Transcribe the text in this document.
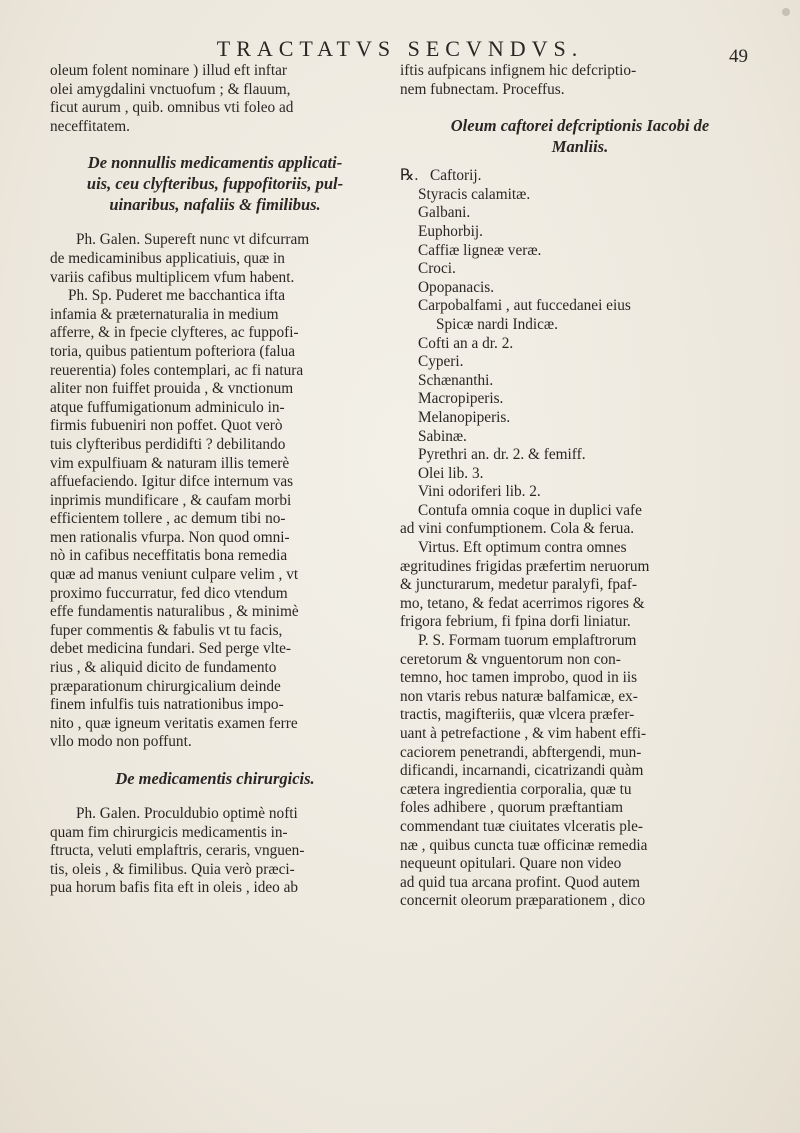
TRACTATVS SECVNDVS.	49
oleum folent nominare ) illud eft inftar
olei amygdalini vnctuofum ; & flauum,
ficut aurum , quib. omnibus vti foleo ad
neceffitatem.
De nonnullis medicamentis applicati-
uis, ceu clyfteribus, fuppofitoriis, pul-
uinaribus, nafaliis & fimilibus.
Ph. Galen. Supereft nunc vt difcurram
de medicaminibus applicatiuis, quæ in
variis cafibus multiplicem vfum habent.
Ph. Sp. Puderet me bacchantica ifta
infamia & præternaturalia in medium
afferre, & in fpecie clyfteres, ac fuppofi-
toria, quibus patientum pofteriora (falua
reuerentia) foles contemplari, ac fi natura
aliter non fuiffet prouida , & vnctionum
atque fuffumigationum adminiculo in-
firmis fubueniri non poffet. Quot verò
tuis clyfteribus perdidifti ? debilitando
vim expulfiuam & naturam illis temerè
affuefaciendo. Igitur difce internum vas
inprimis mundificare , & caufam morbi
efficientem tollere , ac demum tibi no-
men rationalis vfurpa. Non quod omni-
nò in cafibus neceffitatis bona remedia
quæ ad manus veniunt culpare velim , vt
proximo fuccurratur, fed dico vtendum
effe fundamentis naturalibus , & minimè
fuper commentis & fabulis vt tu facis,
debet medicina fundari. Sed perge vlte-
rius , & aliquid dicito de fundamento
præparationum chirurgicalium deinde
finem infulfis tuis natrationibus impo-
nito , quæ igneum veritatis examen ferre
vllo modo non poffunt.
De medicamentis chirurgicis.
Ph. Galen. Proculdubio optimè nofti
quam fim chirurgicis medicamentis in-
ftructa, veluti emplaftris, ceraris, vnguen-
tis, oleis , & fimilibus. Quia verò præci-
pua horum bafis fita eft in oleis , ideo ab
iftis aufpicans infignem hic defcriptio-
nem fubnectam. Proceffus.
Oleum caftorei defcriptionis Iacobi de
Manliis.
℞. Caftorij.
Styracis calamitæ.
Galbani.
Euphorbij.
Caffiæ ligneæ veræ.
Croci.
Opopanacis.
Carpobalfami , aut fuccedanei eius
Spicæ nardi Indicæ.
Cofti an a dr. 2.
Cyperi.
Schænanthi.
Macropiperis.
Melanopiperis.
Sabinæ.
Pyrethri an. dr. 2. & femiff.
Olei lib. 3.
Vini odoriferi lib. 2.
Contufa omnia coque in duplici vafe
ad vini confumptionem. Cola & ferua.
Virtus. Eft optimum contra omnes
ægritudines frigidas præfertim neruorum
& juncturarum, medetur paralyfi, fpaf-
mo, tetano, & fedat acerrimos rigores &
frigora febrium, fi fpina dorfi liniatur.
P. S. Formam tuorum emplaftrorum
ceretorum & vnguentorum non con-
temno, hoc tamen improbo, quod in iis
non vtaris rebus naturæ balfamicæ, ex-
tractis, magifteriis, quæ vlcera præfer-
uant à petrefactione , & vim habent effi-
caciorem penetrandi, abftergendi, mun-
dificandi, incarnandi, cicatrizandi quàm
cætera ingredientia corporalia, quæ tu
foles adhibere , quorum præftantiam
commendant tuæ ciuitates vlceratis ple-
næ , quibus cuncta tuæ officinæ remedia
nequeunt opitulari. Quare non video
ad quid tua arcana profint. Quod autem
concernit oleorum præparationem , dico
